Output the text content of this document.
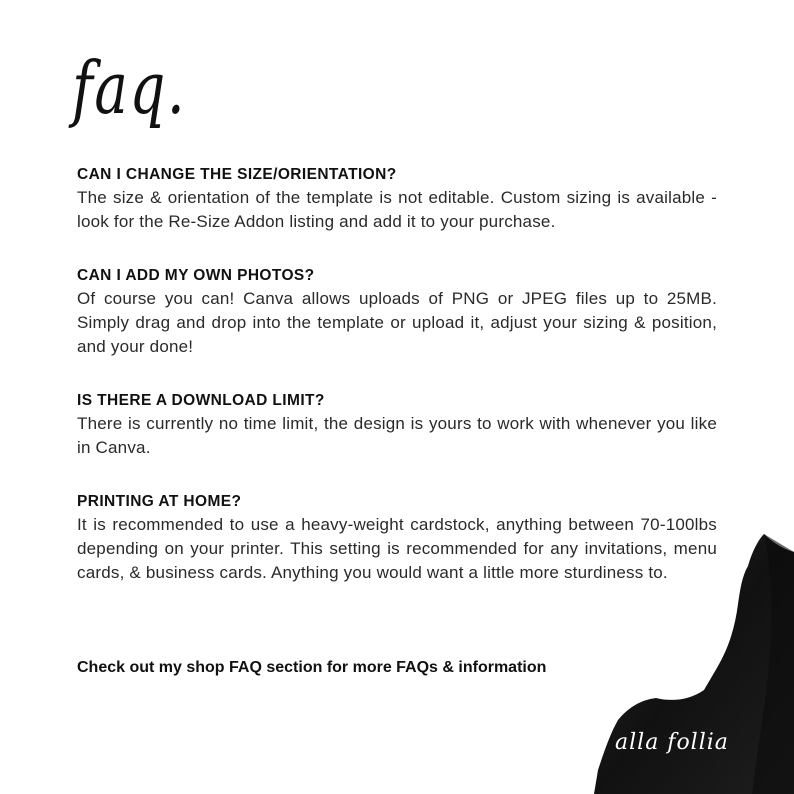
faq.
CAN I CHANGE THE SIZE/ORIENTATION?
The size & orientation of the template is not editable. Custom sizing is available - look for the Re-Size Addon listing and add it to your purchase.
CAN I ADD MY OWN PHOTOS?
Of course you can! Canva allows uploads of PNG or JPEG files up to 25MB. Simply drag and drop into the template or upload it, adjust your sizing & position, and your done!
IS THERE A DOWNLOAD LIMIT?
There is currently no time limit, the design is yours to work with whenever you like in Canva.
PRINTING AT HOME?
It is recommended to use a heavy-weight cardstock, anything between 70-100lbs depending on your printer. This setting is recommended for any invitations, menu cards, & business cards. Anything you would want a little more sturdiness to.
Check out my shop FAQ section for more FAQs & information
alla follia
